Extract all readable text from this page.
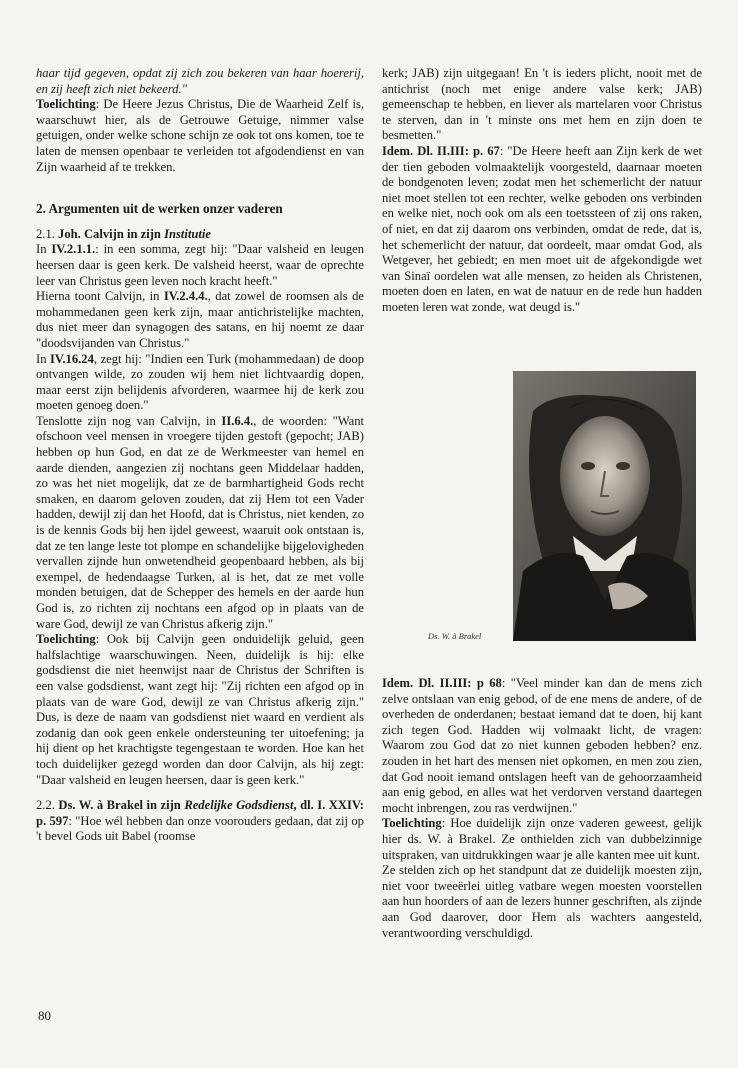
haar tijd gegeven, opdat zij zich zou bekeren van haar hoererij, en zij heeft zich niet bekeerd."
Toelichting: De Heere Jezus Christus, Die de Waarheid Zelf is, waarschuwt hier, als de Getrouwe Getuige, nimmer valse getuigen, onder welke schone schijn ze ook tot ons komen, toe te laten de mensen openbaar te verleiden tot afgodendienst en van Zijn waarheid af te trekken.

2. Argumenten uit de werken onzer vaderen

2.1. Joh. Calvijn in zijn Institutie

In IV.2.1.1.: in een somma, zegt hij: "Daar valsheid en leugen heersen daar is geen kerk. De valsheid heerst, waar de oprechte leer van Christus geen leven noch kracht heeft."

Hierna toont Calvijn, in IV.2.4.4., dat zowel de roomsen als de mohammedanen geen kerk zijn, maar antichristelijke machten, dus niet meer dan synagogen des satans, en hij noemt ze daar "doodsvijanden van Christus."

In IV.16.24, zegt hij: "Indien een Turk (mohammedaan) de doop ontvangen wilde, zo zouden wij hem niet lichtvaardig dopen, maar eerst zijn belijdenis afvorderen, waarmee hij de kerk zou moeten genoeg doen."

Tenslotte zijn nog van Calvijn, in II.6.4., de woorden: "Want ofschoon veel mensen in vroegere tijden gestoft (gepocht; JAB) hebben op hun God, en dat ze de Werkmeester van hemel en aarde dienden, aangezien zij nochtans geen Middelaar hadden, zo was het niet mogelijk, dat ze de barmhartigheid Gods recht smaken, en daarom geloven zouden, dat zij Hem tot een Vader hadden, dewijl zij dan het Hoofd, dat is Christus, niet kenden, zo is de kennis Gods bij hen ijdel geweest, waaruit ook ontstaan is, dat ze ten lange leste tot plompe en schandelijke bijgelovigheden vervallen zijnde hun onwetendheid geopenbaard hebben, als bij exempel, de hedendaagse Turken, al is het, dat ze met volle monden betuigen, dat de Schepper des hemels en der aarde hun God is, zo richten zij nochtans een afgod op in plaats van de ware God, dewijl ze van Christus afkerig zijn."

Toelichting: Ook bij Calvijn geen onduidelijk geluid, geen halfslachtige waarschuwingen. Neen, duidelijk is hij: elke godsdienst die niet heenwijst naar de Christus der Schriften is een valse godsdienst, want zegt hij: "Zij richten een afgod op in plaats van de ware God, dewijl ze van Christus afkerig zijn." Dus, is deze de naam van godsdienst niet waard en verdient als zodanig dan ook geen enkele ondersteuning ter uitoefening; ja hij dient op het krachtigste tegengestaan te worden. Hoe kan het toch duidelijker gezegd worden dan door Calvijn, als hij zegt: "Daar valsheid en leugen heersen, daar is geen kerk."

2.2. Ds. W. à Brakel in zijn Redelijke Godsdienst, dl. I. XXIV: p. 597: "Hoe wél hebben dan onze voorouders gedaan, dat zij op 't bevel Gods uit Babel (roomse

kerk; JAB) zijn uitgegaan! En 't is ieders plicht, nooit met de antichrist (noch met enige andere valse kerk; JAB) gemeenschap te hebben, en liever als martelaren voor Christus te sterven, dan in 't minste ons met hem en zijn doen te besmetten."

Idem. Dl. II.III: p. 67: "De Heere heeft aan Zijn kerk de wet der tien geboden volmaaktelijk voorgesteld, daarnaar moeten de bondgenoten leven; zodat men het schemerlicht der natuur niet moet stellen tot een rechter, welke geboden ons verbinden en welke niet, noch ook om als een toetssteen of zij ons raken, of niet, en dat zij daarom ons verbinden, omdat de rede, dat is, het schemerlicht der natuur, dat oordeelt, maar omdat God, als Wetgever, het gebiedt; en men moet uit de afgekondigde wet van Sinaï oordelen wat alle mensen, zo heiden als Christenen, moeten doen en laten, en wat de natuur en de rede hun hadden moeten leren wat zonde, wat deugd is."

Ds. W. à Brakel

Idem. Dl. II.III: p 68: "Veel minder kan dan de mens zich zelve ontslaan van enig gebod, of de ene mens de andere, of de overheden de onderdanen; bestaat iemand dat te doen, hij kant zich tegen God. Hadden wij volmaakt licht, de vragen: Waarom zou God dat zo niet kunnen geboden hebben? enz. zouden in het hart des mensen niet opkomen, en men zou zien, dat God nooit iemand ontslagen heeft van de gehoorzaamheid aan enig gebod, en alles wat het verdorven verstand daartegen mocht inbrengen, zou ras verdwijnen."

Toelichting: Hoe duidelijk zijn onze vaderen geweest, gelijk hier ds. W. à Brakel. Ze onthielden zich van dubbelzinnige uitspraken, van uitdrukkingen waar je alle kanten mee uit kunt.

Ze stelden zich op het standpunt dat ze duidelijk moesten zijn, niet voor tweeërlei uitleg vatbare wegen moesten voorstellen aan hun hoorders of aan de lezers hunner geschriften, als zijnde aan God daarover, door Hem als wachters aangesteld, verantwoording verschuldigd.

80
